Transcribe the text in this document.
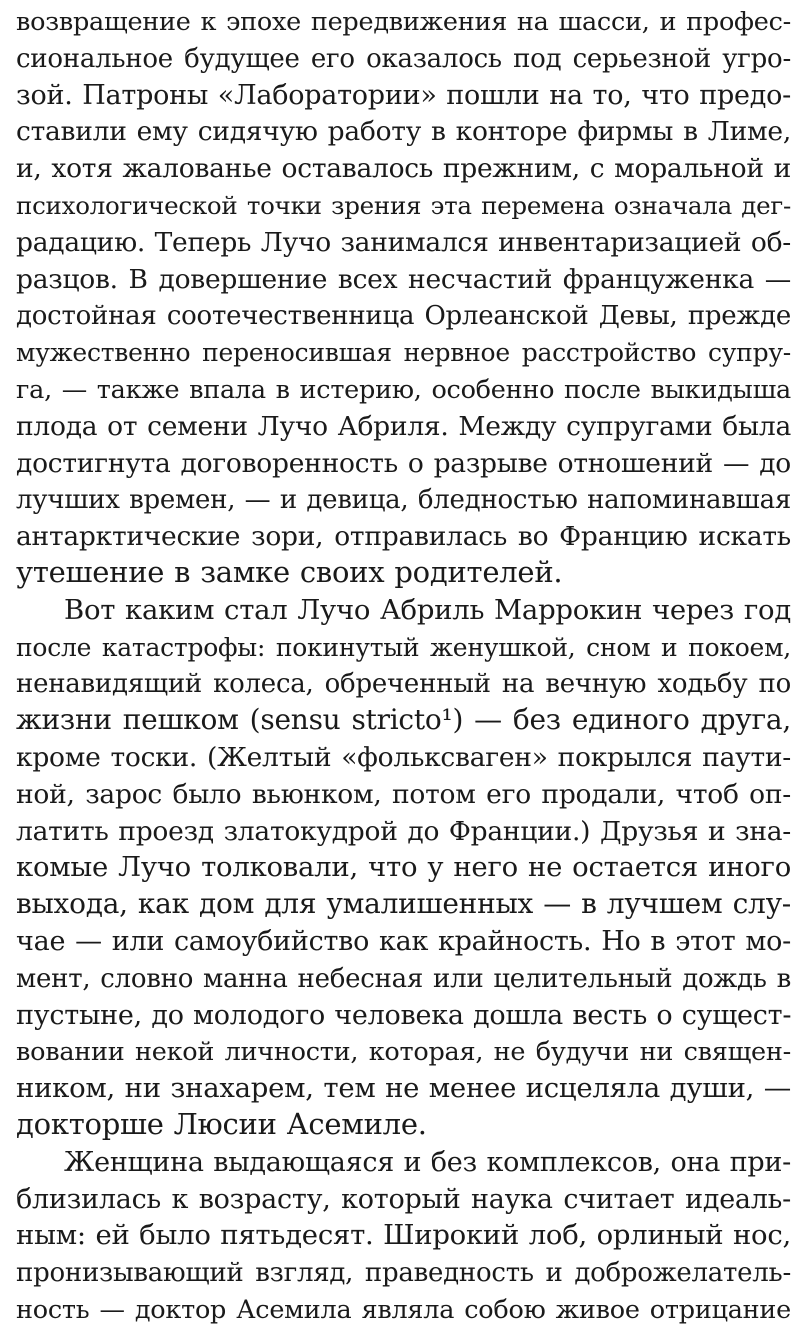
возвращение к эпохе передвижения на шасси, и профес-
сиональное будущее его оказалось под серьезной угро-
зой. Патроны «Лаборатории» пошли на то, что предо-
ставили ему сидячую работу в конторе фирмы в Лиме,
и, хотя жалованье оставалось прежним, с моральной и
психологической точки зрения эта перемена означала дег-
радацию. Теперь Лучо занимался инвентаризацией об-
разцов. В довершение всех несчастий француженка —
достойная соотечественница Орлеанской Девы, прежде
мужественно переносившая нервное расстройство супру-
га, — также впала в истерию, особенно после выкидыша
плода от семени Лучо Абриля. Между супругами была
достигнута договоренность о разрыве отношений — до
лучших времен, — и девица, бледностью напоминавшая
антарктические зори, отправилась во Францию искать
утешение в замке своих родителей.
Вот каким стал Лучо Абриль Маррокин через год
после катастрофы: покинутый женушкой, сном и покоем,
ненавидящий колеса, обреченный на вечную ходьбу по
жизни пешком (sensu stricto¹) — без единого друга,
кроме тоски. (Желтый «фольксваген» покрылся паути-
ной, зарос было вьюнком, потом его продали, чтоб оп-
латить проезд златокудрой до Франции.) Друзья и зна-
комые Лучо толковали, что у него не остается иного
выхода, как дом для умалишенных — в лучшем слу-
чае — или самоубийство как крайность. Но в этот мо-
мент, словно манна небесная или целительный дождь в
пустыне, до молодого человека дошла весть о сущест-
вовании некой личности, которая, не будучи ни священ-
ником, ни знахарем, тем не менее исцеляла души, —
докторше Люсии Асемиле.
Женщина выдающаяся и без комплексов, она при-
близилась к возрасту, который наука считает идеаль-
ным: ей было пятьдесят. Широкий лоб, орлиный нос,
пронизывающий взгляд, праведность и доброжелатель-
ность — доктор Асемила являла собою живое отрицание
